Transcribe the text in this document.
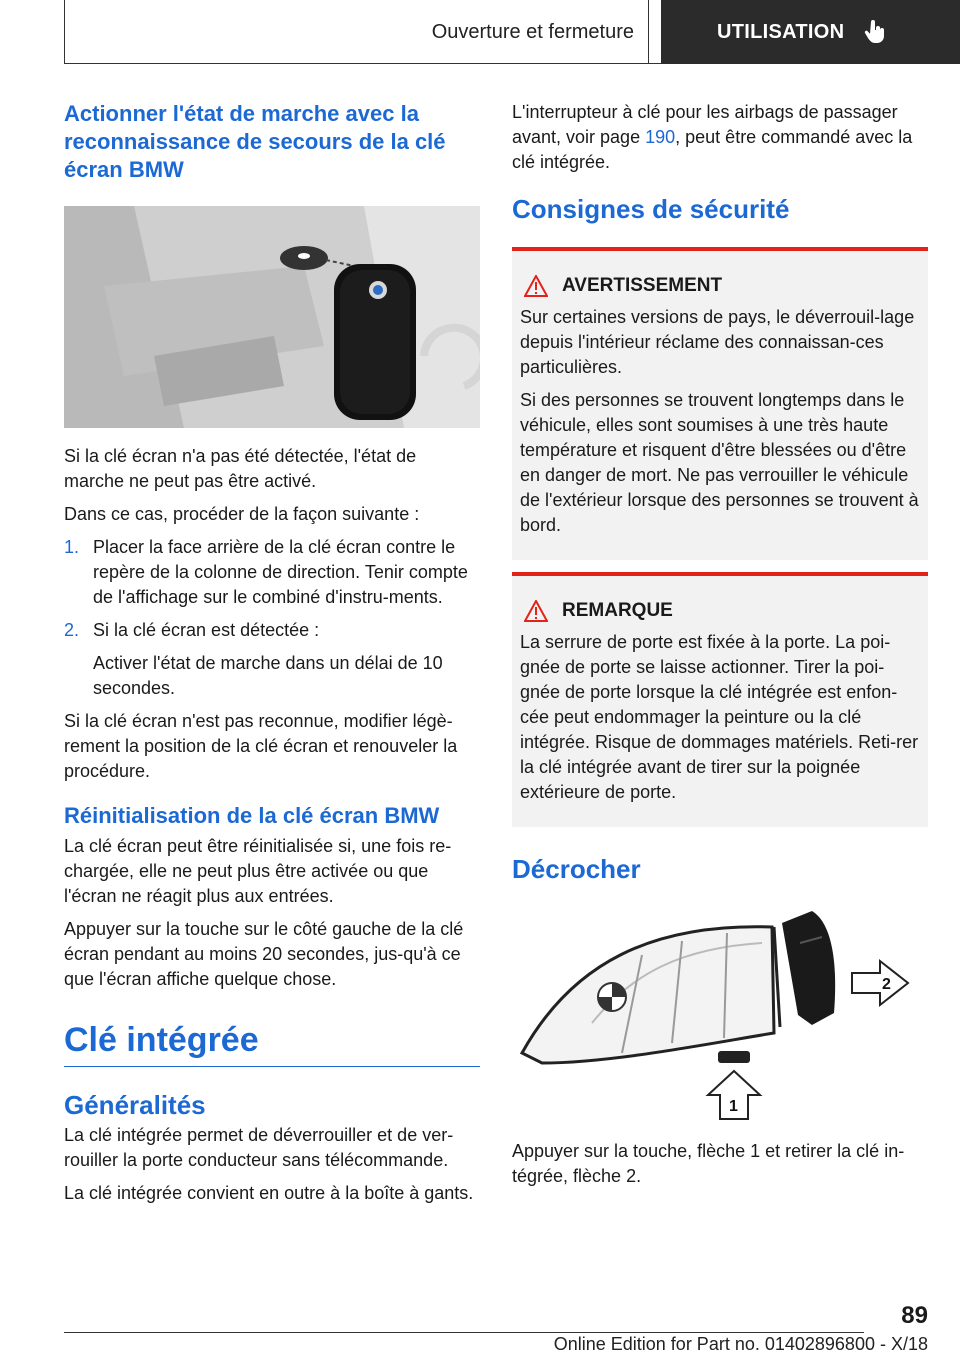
Ouverture et fermeture	UTILISATION
Actionner l'état de marche avec la reconnaissance de secours de la clé écran BMW

Si la clé écran n'a pas été détectée, l'état de marche ne peut pas être activé.

Dans ce cas, procéder de la façon suivante :

1. Placer la face arrière de la clé écran contre le repère de la colonne de direction. Tenir compte de l'affichage sur le combiné d'instru‐ments.
2. Si la clé écran est détectée :
Activer l'état de marche dans un délai de 10 secondes.

Si la clé écran n'est pas reconnue, modifier légè‐rement la position de la clé écran et renouveler la procédure.

Réinitialisation de la clé écran BMW

La clé écran peut être réinitialisée si, une fois re‐chargée, elle ne peut plus être activée ou que l'écran ne réagit plus aux entrées.

Appuyer sur la touche sur le côté gauche de la clé écran pendant au moins 20 secondes, jus‐qu'à ce que l'écran affiche quelque chose.

Clé intégrée
Généralités

La clé intégrée permet de déverrouiller et de ver‐rouiller la porte conducteur sans télécommande.

La clé intégrée convient en outre à la boîte à gants.

L'interrupteur à clé pour les airbags de passager avant, voir page 190, peut être commandé avec la clé intégrée.

Consignes de sécurité
AVERTISSEMENT

Sur certaines versions de pays, le déverrouil‐lage depuis l'intérieur réclame des connaissan‐ces particulières.

Si des personnes se trouvent longtemps dans le véhicule, elles sont soumises à une très haute température et risquent d'être blessées ou d'être en danger de mort. Ne pas verrouiller le véhicule de l'extérieur lorsque des personnes se trouvent à bord.

REMARQUE

La serrure de porte est fixée à la porte. La poi‐gnée de porte se laisse actionner. Tirer la poi‐gnée de porte lorsque la clé intégrée est enfon‐cée peut endommager la peinture ou la clé intégrée. Risque de dommages matériels. Reti‐rer la clé intégrée avant de tirer sur la poignée extérieure de porte.

Décrocher
2
1

Appuyer sur la touche, flèche 1 et retirer la clé in‐tégrée, flèche 2.

89
Online Edition for Part no. 01402896800 - X/18
